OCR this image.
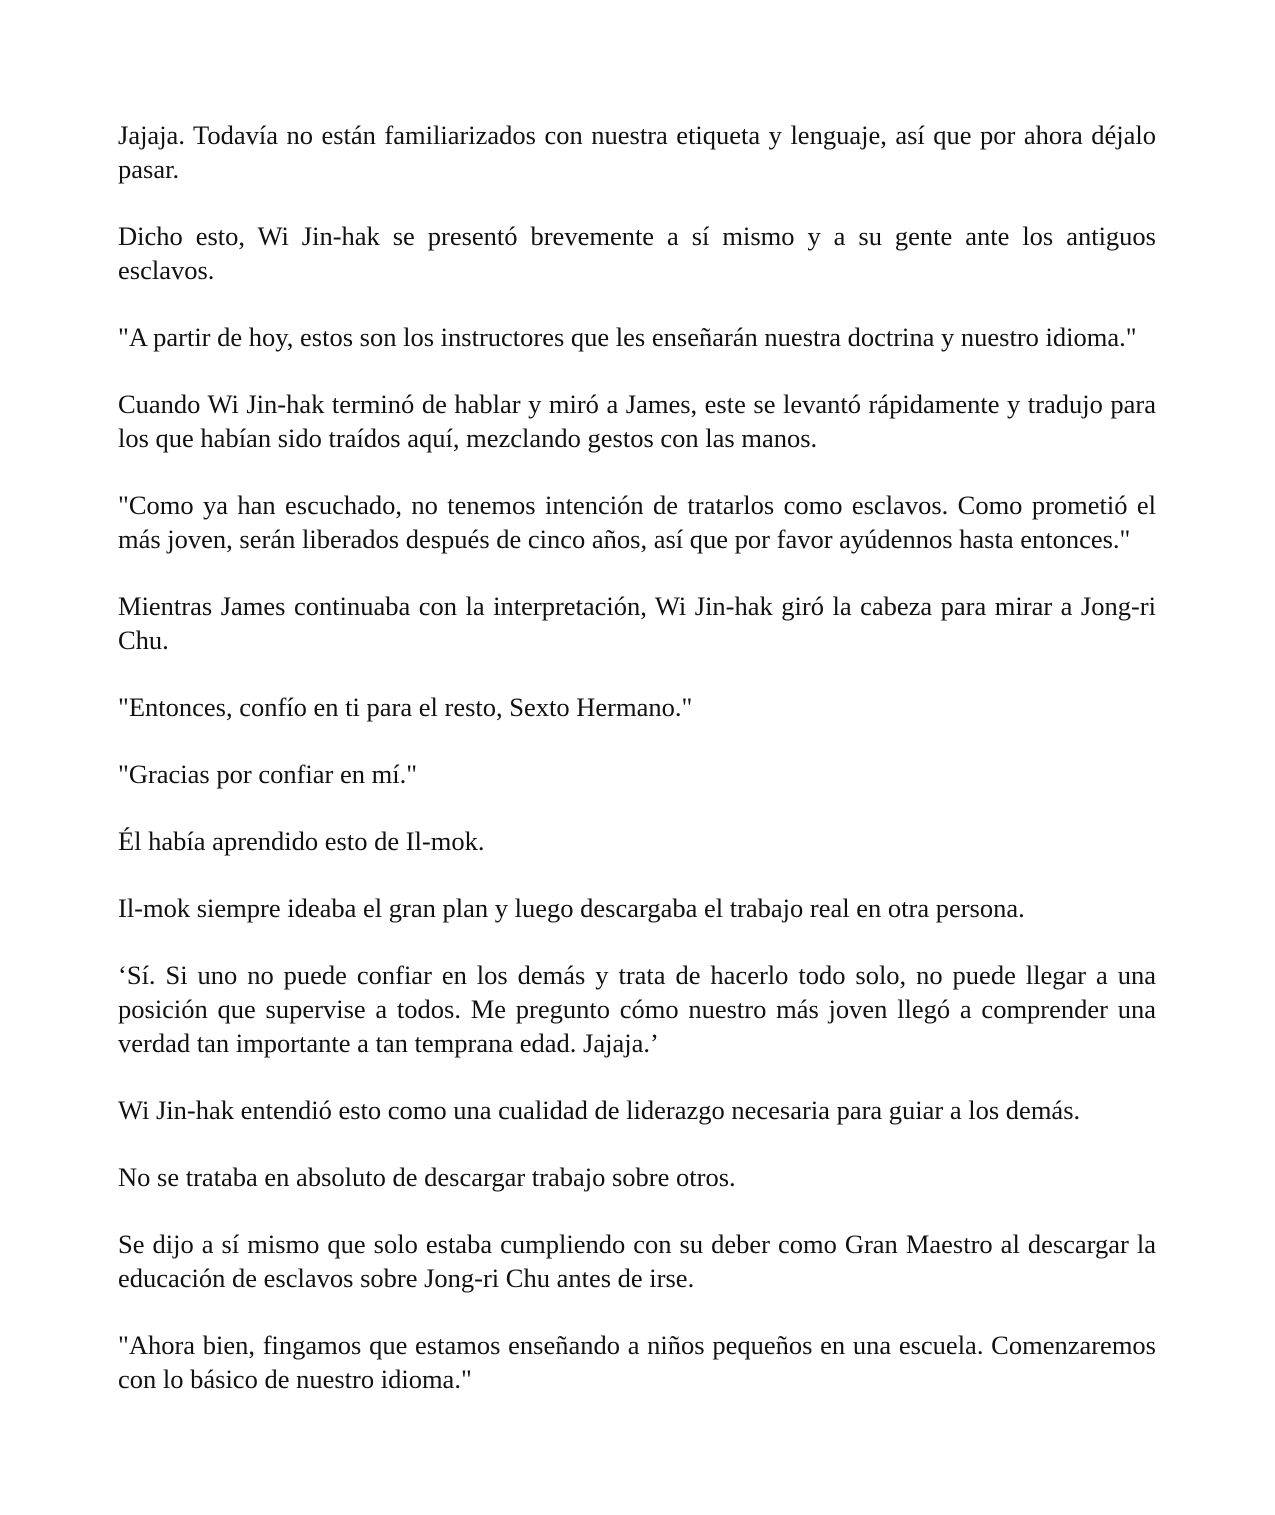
Jajaja. Todavía no están familiarizados con nuestra etiqueta y lenguaje, así que por ahora déjalo pasar.

Dicho esto, Wi Jin-hak se presentó brevemente a sí mismo y a su gente ante los antiguos esclavos.

"A partir de hoy, estos son los instructores que les enseñarán nuestra doctrina y nuestro idioma."

Cuando Wi Jin-hak terminó de hablar y miró a James, este se levantó rápidamente y tradujo para los que habían sido traídos aquí, mezclando gestos con las manos.

"Como ya han escuchado, no tenemos intención de tratarlos como esclavos. Como prometió el más joven, serán liberados después de cinco años, así que por favor ayúdennos hasta entonces."

Mientras James continuaba con la interpretación, Wi Jin-hak giró la cabeza para mirar a Jong-ri Chu.

"Entonces, confío en ti para el resto, Sexto Hermano."

"Gracias por confiar en mí."

Él había aprendido esto de Il-mok.

Il-mok siempre ideaba el gran plan y luego descargaba el trabajo real en otra persona.

‘Sí. Si uno no puede confiar en los demás y trata de hacerlo todo solo, no puede llegar a una posición que supervise a todos. Me pregunto cómo nuestro más joven llegó a comprender una verdad tan importante a tan temprana edad. Jajaja.’

Wi Jin-hak entendió esto como una cualidad de liderazgo necesaria para guiar a los demás.

No se trataba en absoluto de descargar trabajo sobre otros.

Se dijo a sí mismo que solo estaba cumpliendo con su deber como Gran Maestro al descargar la educación de esclavos sobre Jong-ri Chu antes de irse.

"Ahora bien, fingamos que estamos enseñando a niños pequeños en una escuela. Comenzaremos con lo básico de nuestro idioma."
